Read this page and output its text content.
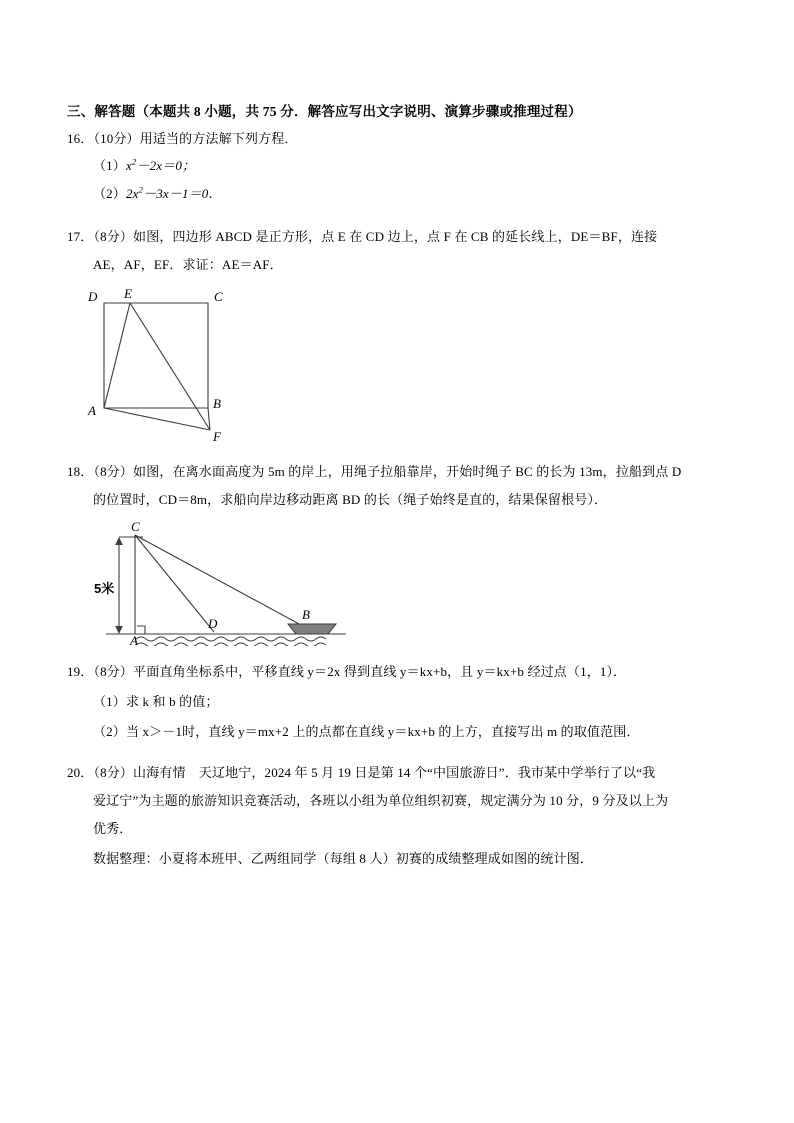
三、解答题（本题共 8 小题，共 75 分．解答应写出文字说明、演算步骤或推理过程）
16．（10分）用适当的方法解下列方程．
$(1)x^2-2x=0$；
$(2)2x^2-3x-1=0$．
17．（8分）如图，四边形 ABCD 是正方形，点 E 在 CD 边上，点 F 在 CB 的延长线上，DE＝BF，连接
AE，AF，EF．求证：AE＝AF．
D E	C
A	B
F
18．（8分）如图，在离水面高度为 5m 的岸上，用绳子拉船靠岸，开始时绳子 BC 的长为 13m，拉船到点 D
的位置时，CD＝8m，求船向岸边移动距离 BD 的长（绳子始终是直的，结果保留根号）．
C
A
D
B
5米
19．（8分）平面直角坐标系中，平移直线 y＝2x 得到直线 y＝kx+b，且 y＝kx+b 经过点（1，1）．
（1）求 k 和 b 的值；
（2）当 x＞－1时，直线 y＝mx+2 上的点都在直线 y＝kx+b 的上方，直接写出 m 的取值范围．
20．（8分）山海有情　天辽地宁，2024 年 5 月 19 日是第 14 个“中国旅游日”．我市某中学举行了以“我
爱辽宁”为主题的旅游知识竞赛活动，各班以小组为单位组织初赛，规定满分为 10 分，9 分及以上为
优秀．
数据整理：小夏将本班甲、乙两组同学（每组 8 人）初赛的成绩整理成如图的统计图．
